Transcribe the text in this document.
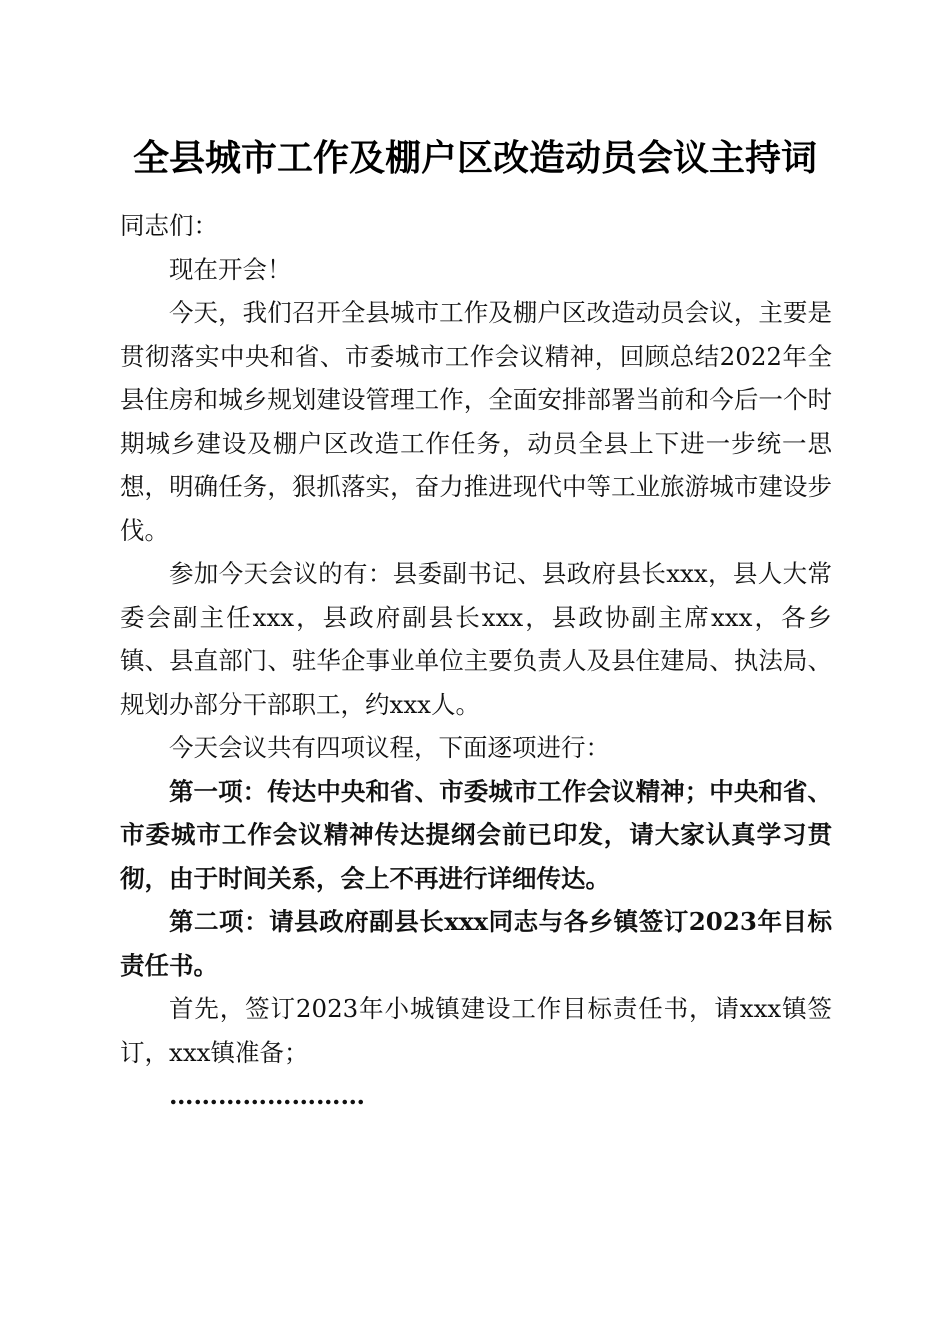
全县城市工作及棚户区改造动员会议主持词

同志们：

现在开会！

今天，我们召开全县城市工作及棚户区改造动员会议，主要是贯彻落实中央和省、市委城市工作会议精神，回顾总结2022年全县住房和城乡规划建设管理工作，全面安排部署当前和今后一个时期城乡建设及棚户区改造工作任务，动员全县上下进一步统一思想，明确任务，狠抓落实，奋力推进现代中等工业旅游城市建设步伐。

参加今天会议的有：县委副书记、县政府县长xxx，县人大常委会副主任xxx，县政府副县长xxx，县政协副主席xxx，各乡镇、县直部门、驻华企事业单位主要负责人及县住建局、执法局、规划办部分干部职工，约xxx人。

今天会议共有四项议程，下面逐项进行：

第一项：传达中央和省、市委城市工作会议精神；中央和省、市委城市工作会议精神传达提纲会前已印发，请大家认真学习贯彻，由于时间关系，会上不再进行详细传达。

第二项：请县政府副县长xxx同志与各乡镇签订2023年目标责任书。

首先，签订2023年小城镇建设工作目标责任书，请xxx镇签订，xxx镇准备；

……………………
